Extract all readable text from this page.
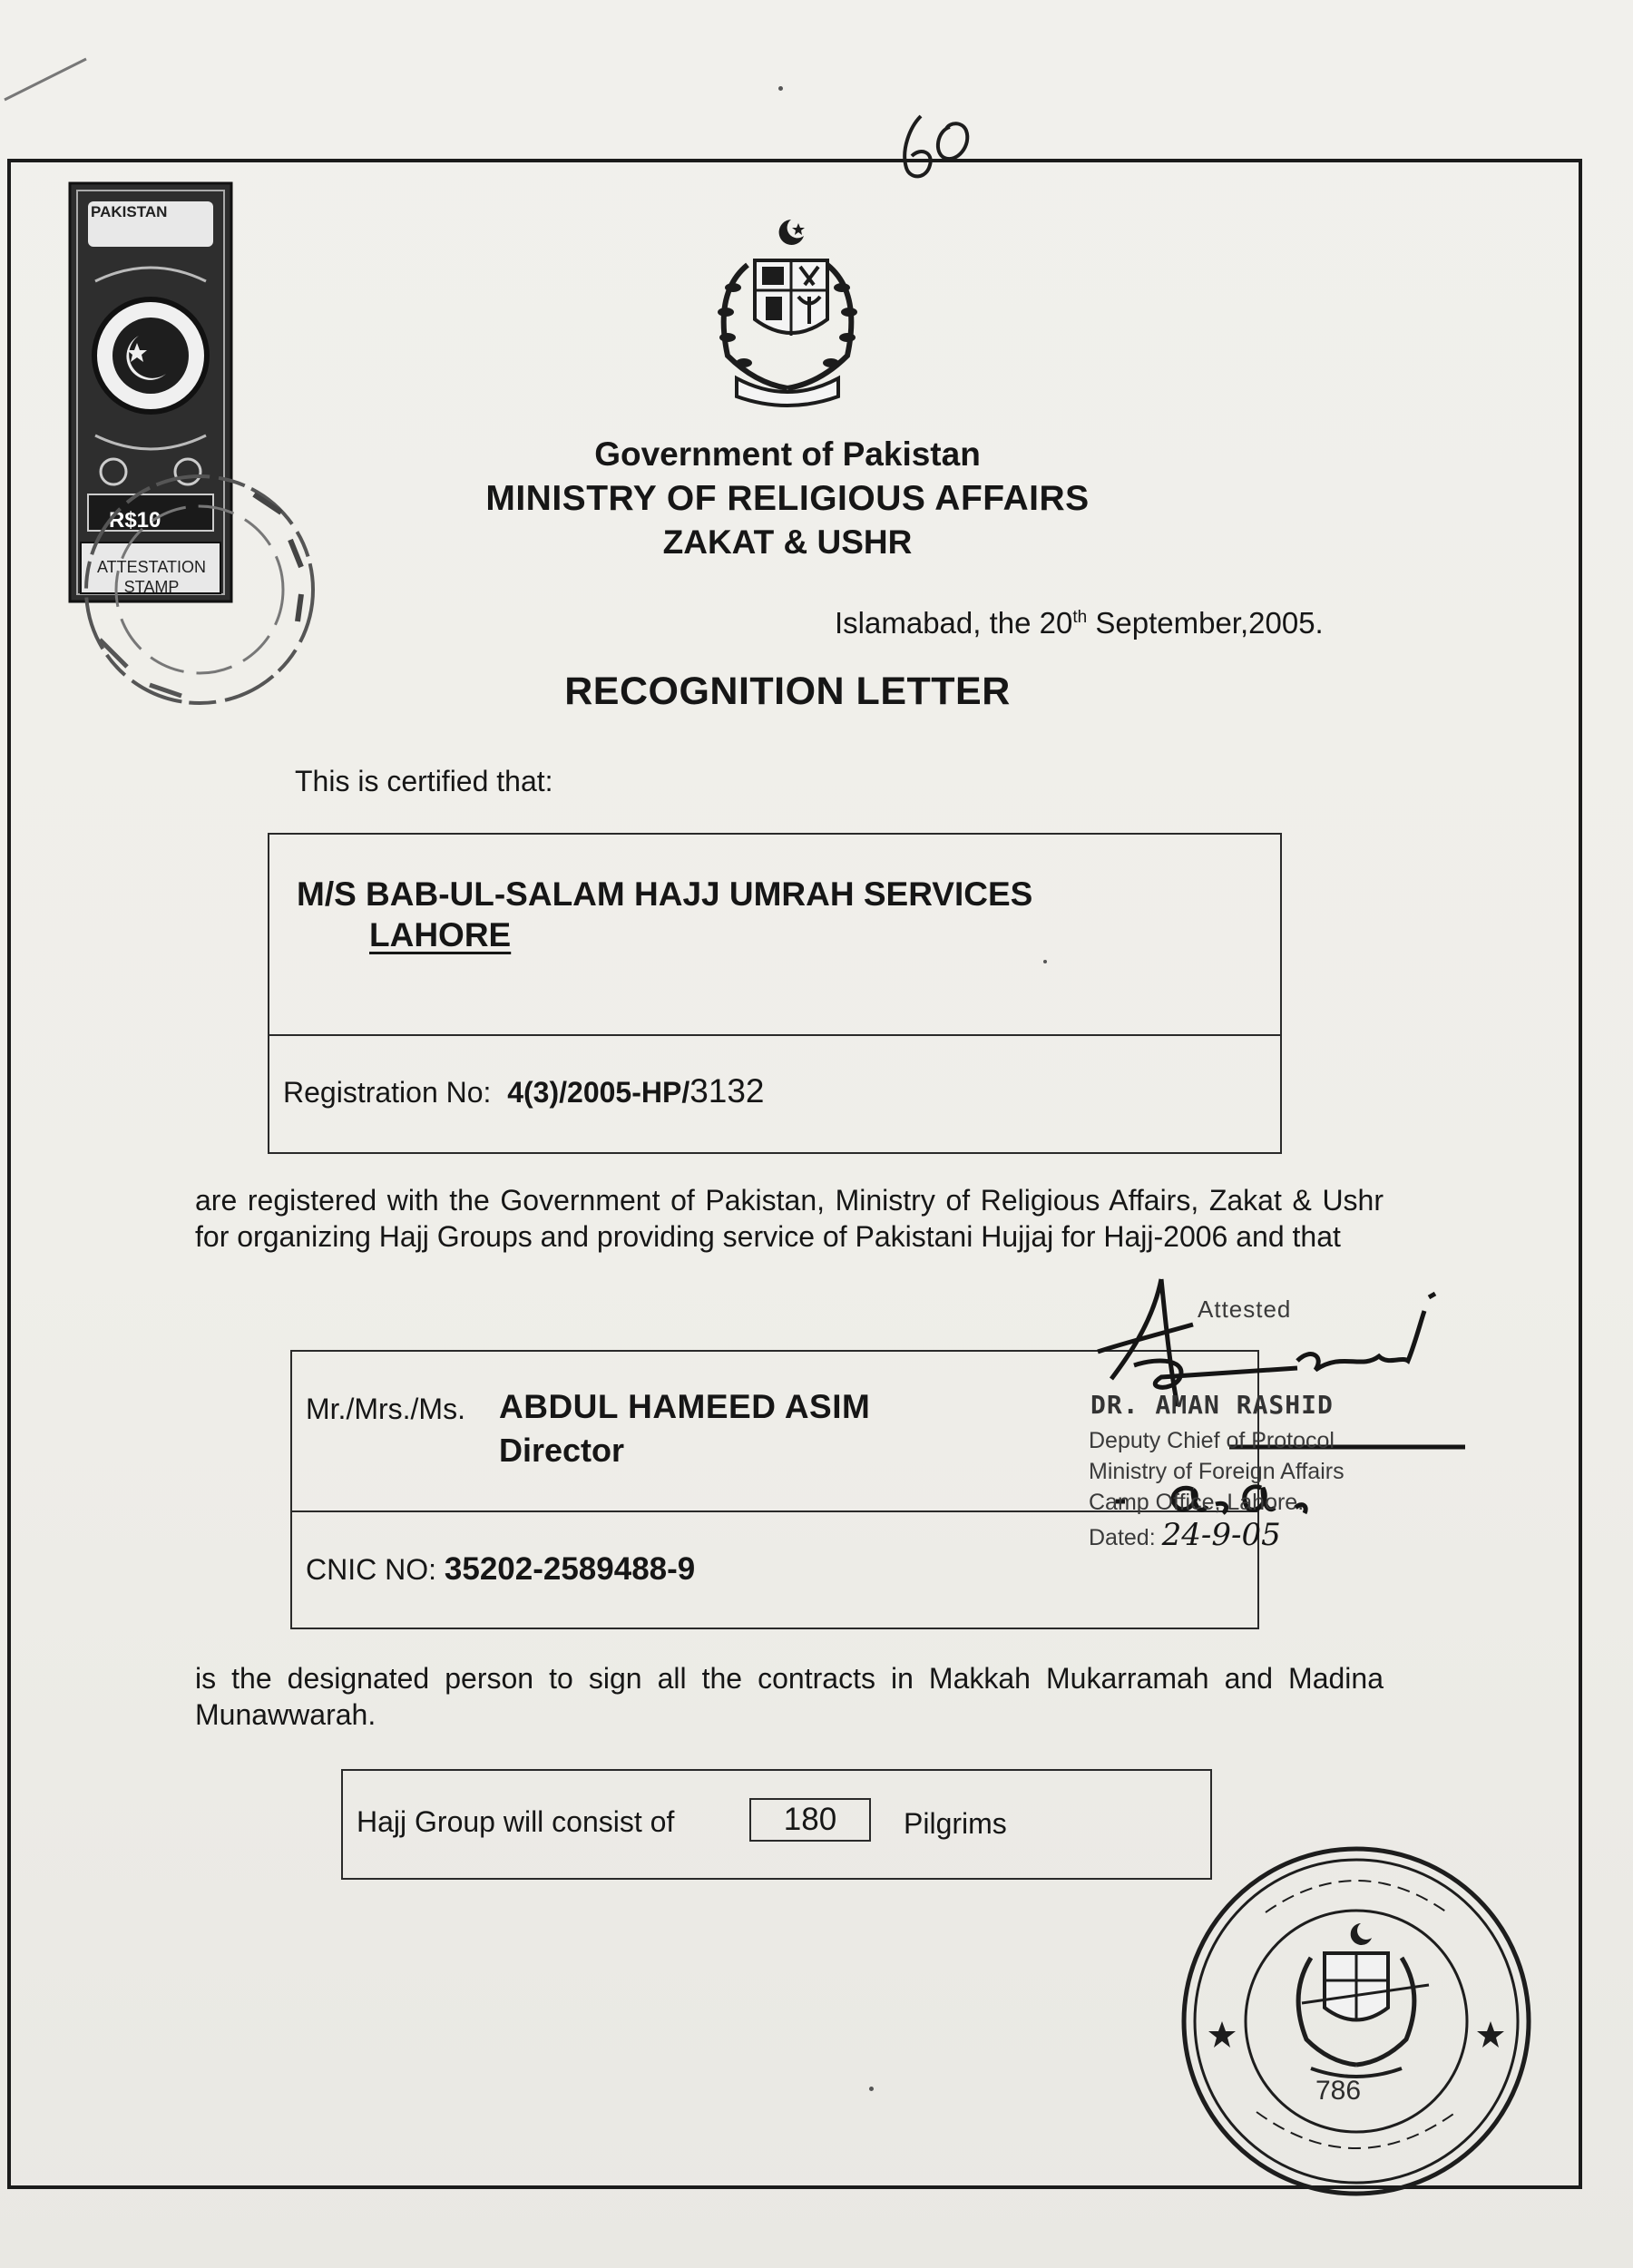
PAKISTAN
R$10
ATTESTATION STAMP
Government of Pakistan
MINISTRY OF RELIGIOUS AFFAIRS
ZAKAT & USHR
Islamabad, the 20th September,2005.
RECOGNITION LETTER
This is certified that:
M/S BAB-UL-SALAM HAJJ UMRAH SERVICES
LAHORE
Registration No: 4(3)/2005-HP/3132
are registered with the Government of Pakistan, Ministry of Religious Affairs, Zakat & Ushr for organizing Hajj Groups and providing service of Pakistani Hujjaj for Hajj-2006 and that
Mr./Mrs./Ms. ABDUL HAMEED ASIM
Director
CNIC NO: 35202-2589488-9
Attested
DR. AMAN RASHID
Deputy Chief of Protocol
Ministry of Foreign Affairs
Camp Office, Lahore.
Dated: 24-9-05
is the designated person to sign all the contracts in Makkah Mukarramah and Madina Munawwarah.
Hajj Group will consist of	180	Pilgrims
786
